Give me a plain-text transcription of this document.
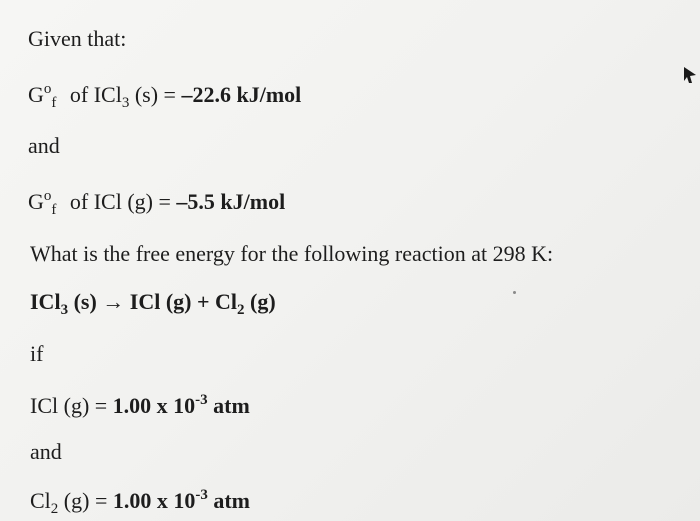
Given that:
$G^o_f$ of ICl$_3$ (s) = –22.6 kJ/mol
and
$G^o_f$ of ICl (g) = –5.5 kJ/mol
What is the free energy for the following reaction at 298 K:
ICl$_3$ (s) → ICl $(g) + Cl_2$ (g)
if
ICl (g) = 1.00 x $10^{-3}$ atm
and
$Cl_2$ (g) = 1.00 x $10^{-3}$ atm
